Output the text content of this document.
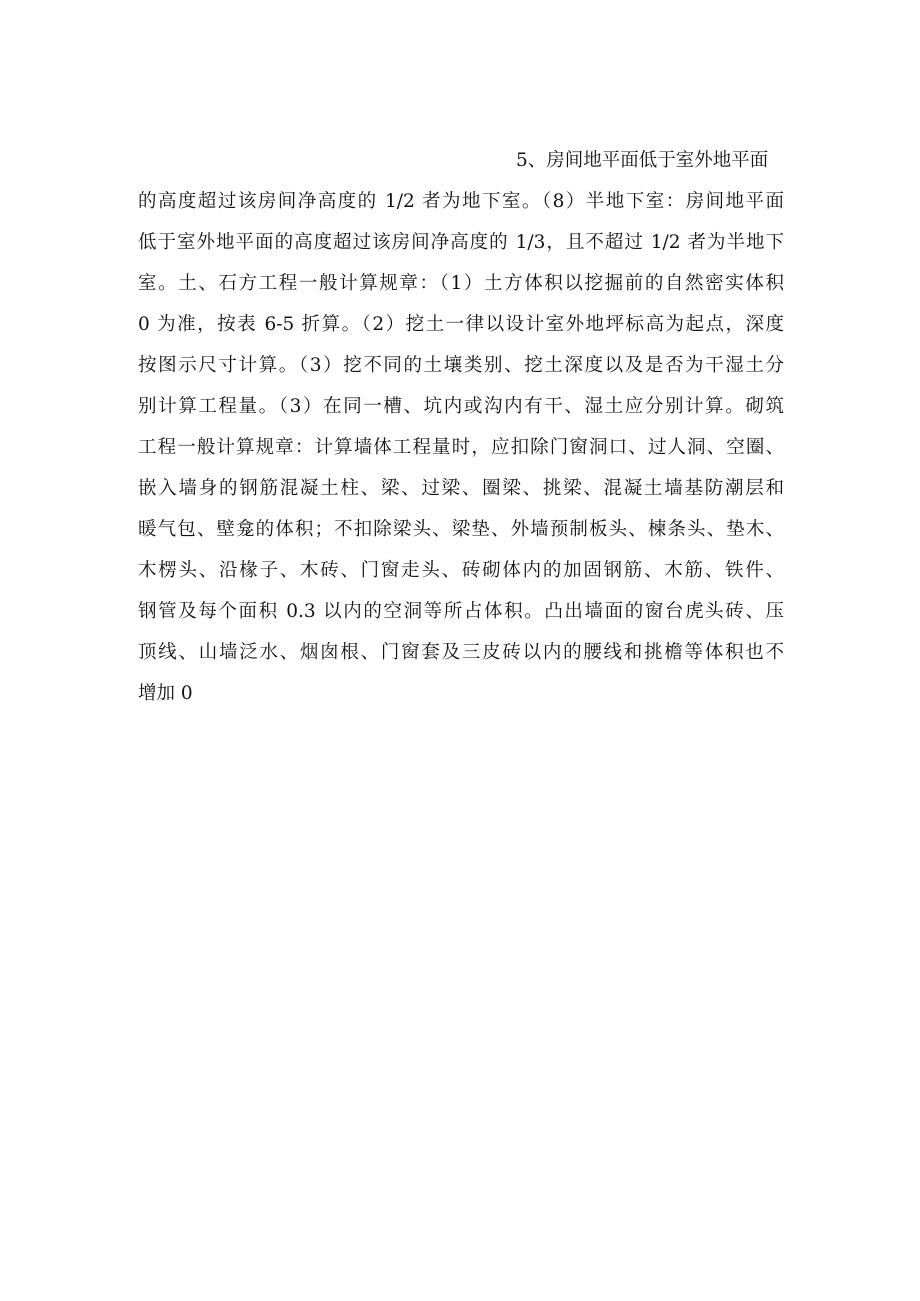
5、房间地平面低于室外地平面
的高度超过该房间净高度的 1/2 者为地下室。（8）半地下室：房间地平面
低于室外地平面的高度超过该房间净高度的 1/3，且不超过 1/2 者为半地下
室。土、石方工程一般计算规章：（1）土方体积以挖掘前的自然密实体积
0 为准，按表 6-5 折算。（2）挖土一律以设计室外地坪标高为起点，深度
按图示尺寸计算。（3）挖不同的土壤类别、挖土深度以及是否为干湿土分
别计算工程量。（3）在同一槽、坑内或沟内有干、湿土应分别计算。砌筑
工程一般计算规章：计算墙体工程量时，应扣除门窗洞口、过人洞、空圈、
嵌入墙身的钢筋混凝土柱、梁、过梁、圈梁、挑梁、混凝土墙基防潮层和
暖气包、壁龛的体积；不扣除梁头、梁垫、外墙预制板头、楝条头、垫木、
木楞头、沿椽子、木砖、门窗走头、砖砌体内的加固钢筋、木筋、铁件、
钢管及每个面积 0.3 以内的空洞等所占体积。凸出墙面的窗台虎头砖、压
顶线、山墙泛水、烟囱根、门窗套及三皮砖以内的腰线和挑檐等体积也不
增加 0
